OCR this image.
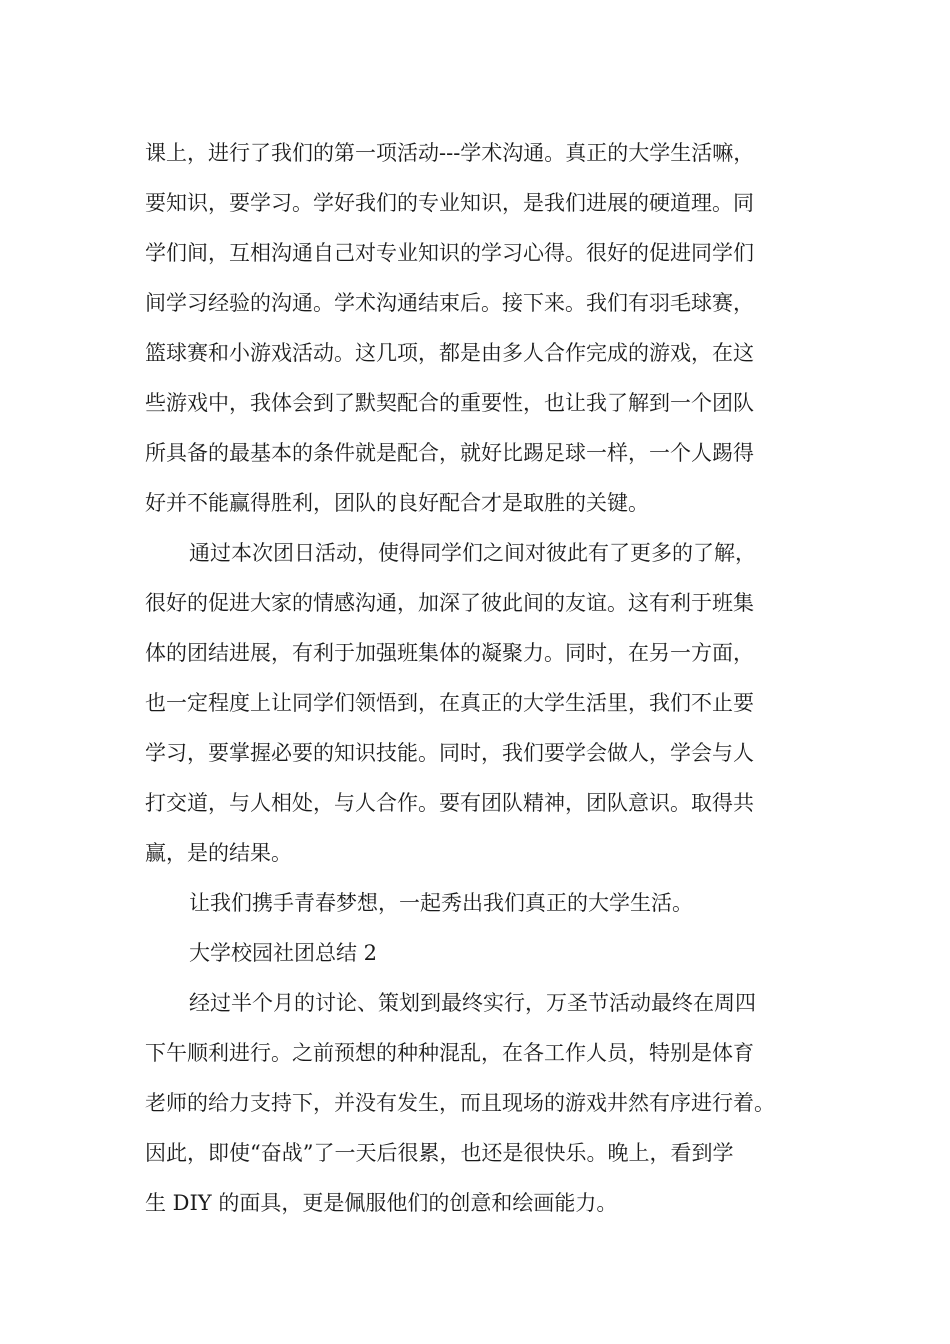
课上，进行了我们的第一项活动---学术沟通。真正的大学生活嘛，
要知识，要学习。学好我们的专业知识，是我们进展的硬道理。同
学们间，互相沟通自己对专业知识的学习心得。很好的促进同学们
间学习经验的沟通。学术沟通结束后。接下来。我们有羽毛球赛，
篮球赛和小游戏活动。这几项，都是由多人合作完成的游戏，在这
些游戏中，我体会到了默契配合的重要性，也让我了解到一个团队
所具备的最基本的条件就是配合，就好比踢足球一样，一个人踢得
好并不能赢得胜利，团队的良好配合才是取胜的关键。
通过本次团日活动，使得同学们之间对彼此有了更多的了解，
很好的促进大家的情感沟通，加深了彼此间的友谊。这有利于班集
体的团结进展，有利于加强班集体的凝聚力。同时，在另一方面，
也一定程度上让同学们领悟到，在真正的大学生活里，我们不止要
学习，要掌握必要的知识技能。同时，我们要学会做人，学会与人
打交道，与人相处，与人合作。要有团队精神，团队意识。取得共
赢，是的结果。
让我们携手青春梦想，一起秀出我们真正的大学生活。
大学校园社团总结 2
经过半个月的讨论、策划到最终实行，万圣节活动最终在周四
下午顺利进行。之前预想的种种混乱，在各工作人员，特别是体育
老师的给力支持下，并没有发生，而且现场的游戏井然有序进行着。
因此，即使“奋战”了一天后很累，也还是很快乐。晚上，看到学
生 DIY 的面具，更是佩服他们的创意和绘画能力。
